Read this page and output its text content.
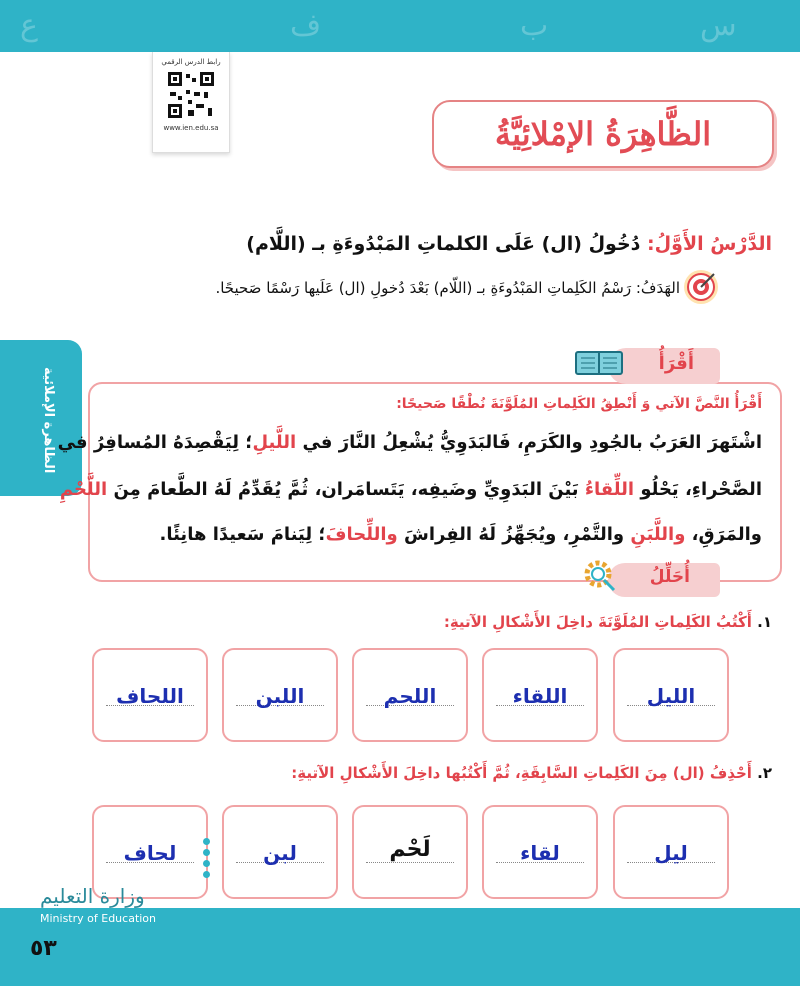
ع	ف	ب	س
رابط الدرس الرقمي
www.ien.edu.sa	الظَّاهِرَةُ الإمْلائِيَّةُ
الظاهرة الإملائية
الدَّرْسُ الأَوَّلُ: دُخُولُ (ال) عَلَى الكلماتِ المَبْدُوءَةِ بـ (اللَّام)
الهَدَفُ: رَسْمُ الكَلِماتِ المَبْدُوءَةِ بـ (اللّام) بَعْدَ دُخولِ (ال) عَلَيها رَسْمًا صَحيحًا.
أَقْرَأُ
أَقْرَأُ النَّصَّ الآتي وَ أَنْطِقُ الكَلِماتِ المُلَوَّنَةَ نُطْقًا صَحيحًا:
اشْتَهرَ العَرَبُ بالجُودِ والكَرَمِ، فَالبَدَوِيُّ يُشْعِلُ النَّارَ في اللَّيلِ؛ لِيَقْصِدَهُ المُسافِرُ في
الصَّحْراءِ، يَحْلُو اللِّقاءُ بَيْنَ البَدَوِيِّ وضَيفِه، يَتَسامَران، ثُمَّ يُقَدِّمُ لَهُ الطَّعامَ مِنَ اللَّحْمِ
والمَرَقِ، واللَّبَنِ والتَّمْرِ، ويُجَهِّزُ لَهُ الفِراشَ واللِّحافَ؛ لِيَنامَ سَعيدًا هانِئًا.
أُحَلِّلُ
١. أَكْتُبُ الكَلِماتِ المُلَوَّنَةَ داخِلَ الأَشْكالِ الآتيةِ:
الليل
اللقاء
اللحم
اللبن
اللحاف
٢. أَحْذِفُ (ال) مِنَ الكَلِماتِ السَّابِقَةِ، ثُمَّ أَكْتُبُها داخِلَ الأَشْكالِ الآتيةِ:
ليل
لقاء
لَحْم
لبن
لحاف
وزارة التعليم
Ministry of Education
٥٣
